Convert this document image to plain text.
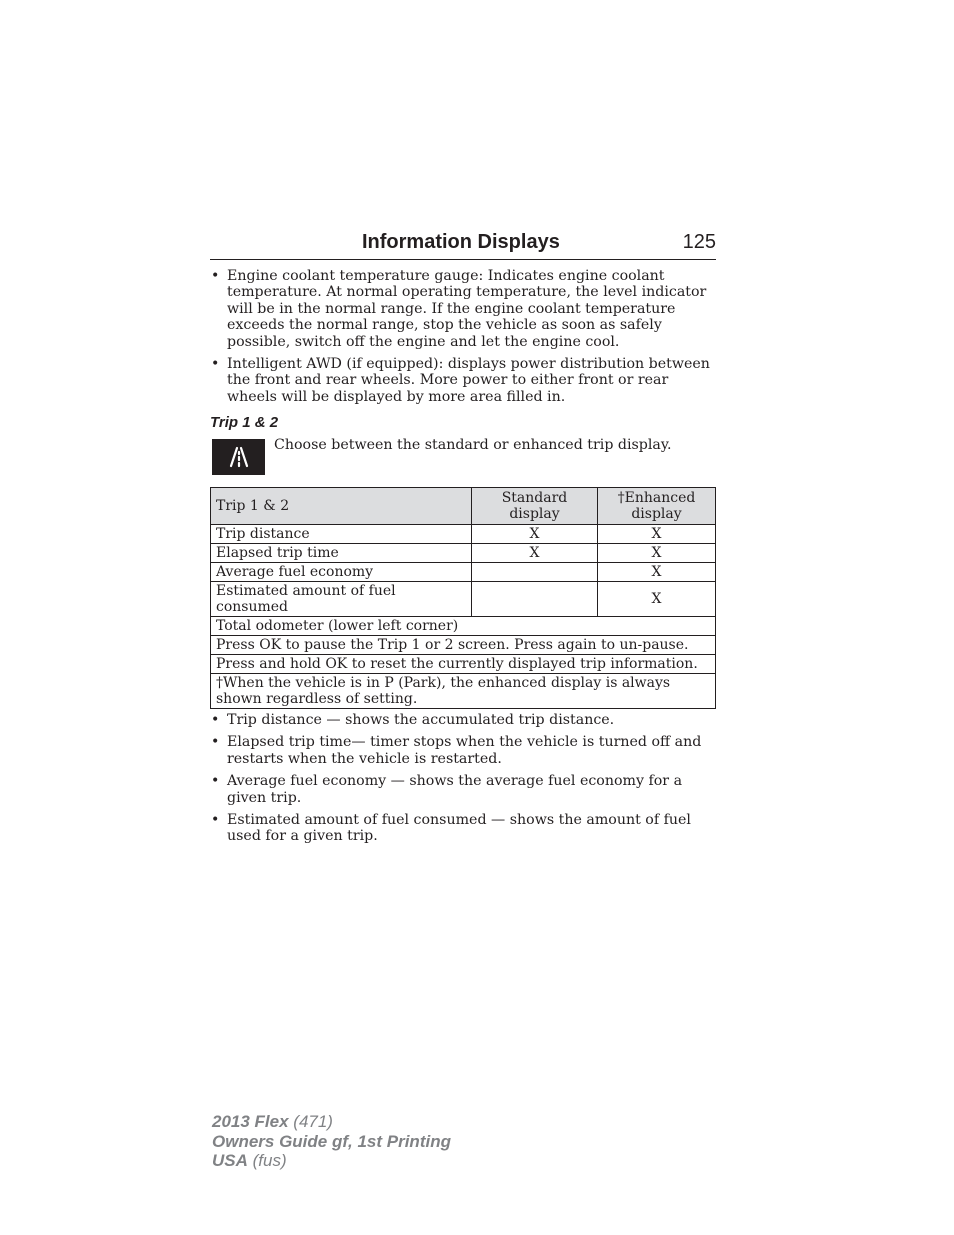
Information Displays	125
• Engine coolant temperature gauge: Indicates engine coolant temperature. At normal operating temperature, the level indicator will be in the normal range. If the engine coolant temperature exceeds the normal range, stop the vehicle as soon as safely possible, switch off the engine and let the engine cool.
• Intelligent AWD (if equipped): displays power distribution between the front and rear wheels. More power to either front or rear wheels will be displayed by more area filled in.
Trip 1 & 2
Choose between the standard or enhanced trip display.
Trip 1 & 2	Standard display	†Enhanced display
Trip distance	X	X
Elapsed trip time	X	X
Average fuel economy		X
Estimated amount of fuel consumed		X
Total odometer (lower left corner)		
Press OK to pause the Trip 1 or 2 screen. Press again to un-pause.		
Press and hold OK to reset the currently displayed trip information.		
†When the vehicle is in P (Park), the enhanced display is always shown regardless of setting.		
• Trip distance — shows the accumulated trip distance.
• Elapsed trip time— timer stops when the vehicle is turned off and restarts when the vehicle is restarted.
• Average fuel economy — shows the average fuel economy for a given trip.
• Estimated amount of fuel consumed — shows the amount of fuel used for a given trip.
2013 Flex (471)
Owners Guide gf, 1st Printing
USA (fus)
